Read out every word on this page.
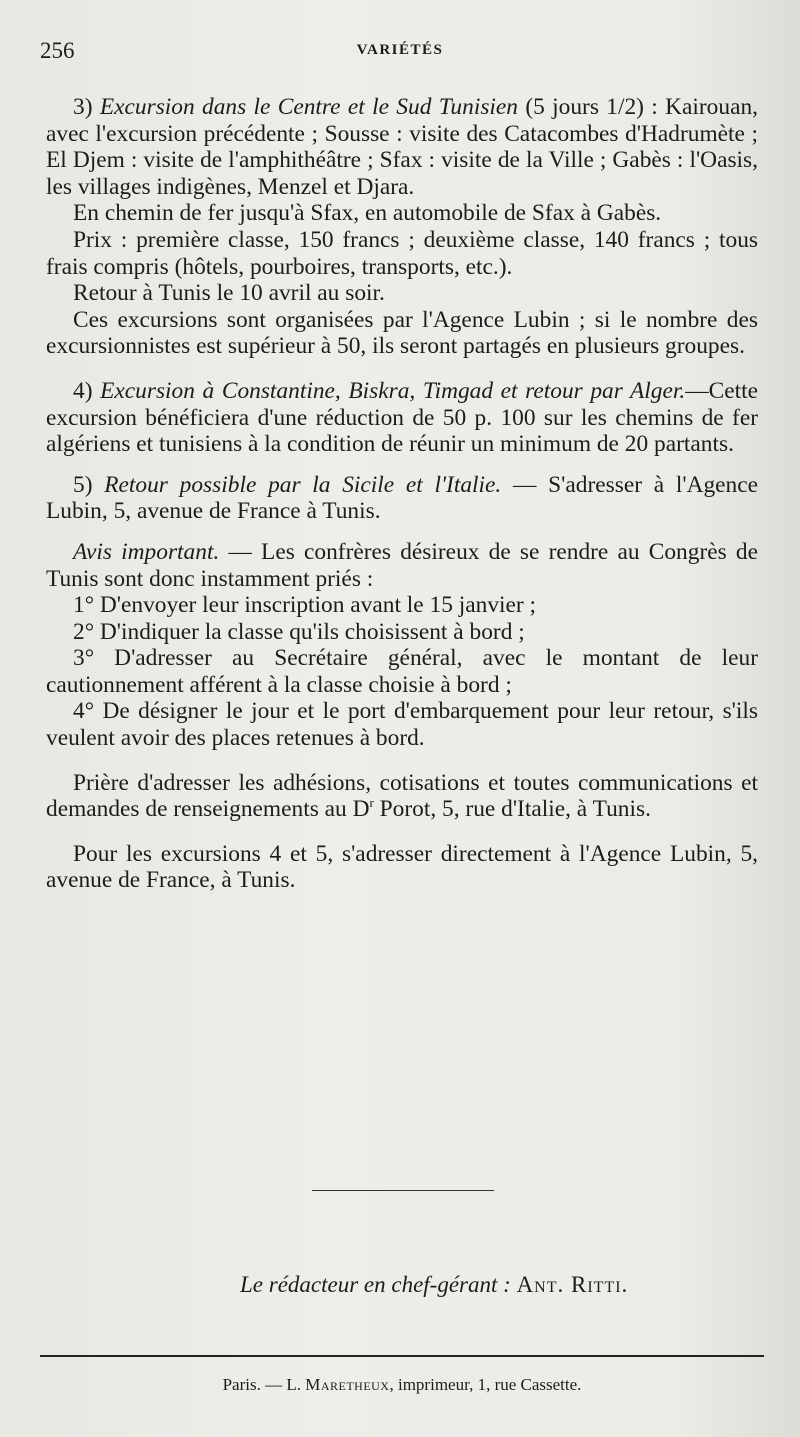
256	VARIÉTÉS

3) Excursion dans le Centre et le Sud Tunisien (5 jours 1/2) : Kairouan, avec l'excursion précédente ; Sousse : visite des Catacombes d'Hadrumète ; El Djem : visite de l'amphithéâtre ; Sfax : visite de la Ville ; Gabès : l'Oasis, les villages indigènes, Menzel et Djara.

En chemin de fer jusqu'à Sfax, en automobile de Sfax à Gabès.

Prix : première classe, 150 francs ; deuxième classe, 140 francs ; tous frais compris (hôtels, pourboires, transports, etc.).

Retour à Tunis le 10 avril au soir.

Ces excursions sont organisées par l'Agence Lubin ; si le nombre des excursionnistes est supérieur à 50, ils seront partagés en plusieurs groupes.

4) Excursion à Constantine, Biskra, Timgad et retour par Alger.—Cette excursion bénéficiera d'une réduction de 50 p. 100 sur les chemins de fer algériens et tunisiens à la condition de réunir un minimum de 20 partants.

5) Retour possible par la Sicile et l'Italie. — S'adresser à l'Agence Lubin, 5, avenue de France à Tunis.

Avis important. — Les confrères désireux de se rendre au Congrès de Tunis sont donc instamment priés :

1° D'envoyer leur inscription avant le 15 janvier ;

2° D'indiquer la classe qu'ils choisissent à bord ;

3° D'adresser au Secrétaire général, avec le montant de leur cautionnement afférent à la classe choisie à bord ;

4° De désigner le jour et le port d'embarquement pour leur retour, s'ils veulent avoir des places retenues à bord.

Prière d'adresser les adhésions, cotisations et toutes communications et demandes de renseignements au $D^r$ Porot, 5, rue d'Italie, à Tunis.

Pour les excursions 4 et 5, s'adresser directement à l'Agence Lubin, 5, avenue de France, à Tunis.

Le rédacteur en chef-gérant : Ant. Ritti.
Paris. — L. Maretheux, imprimeur, 1, rue Cassette.
